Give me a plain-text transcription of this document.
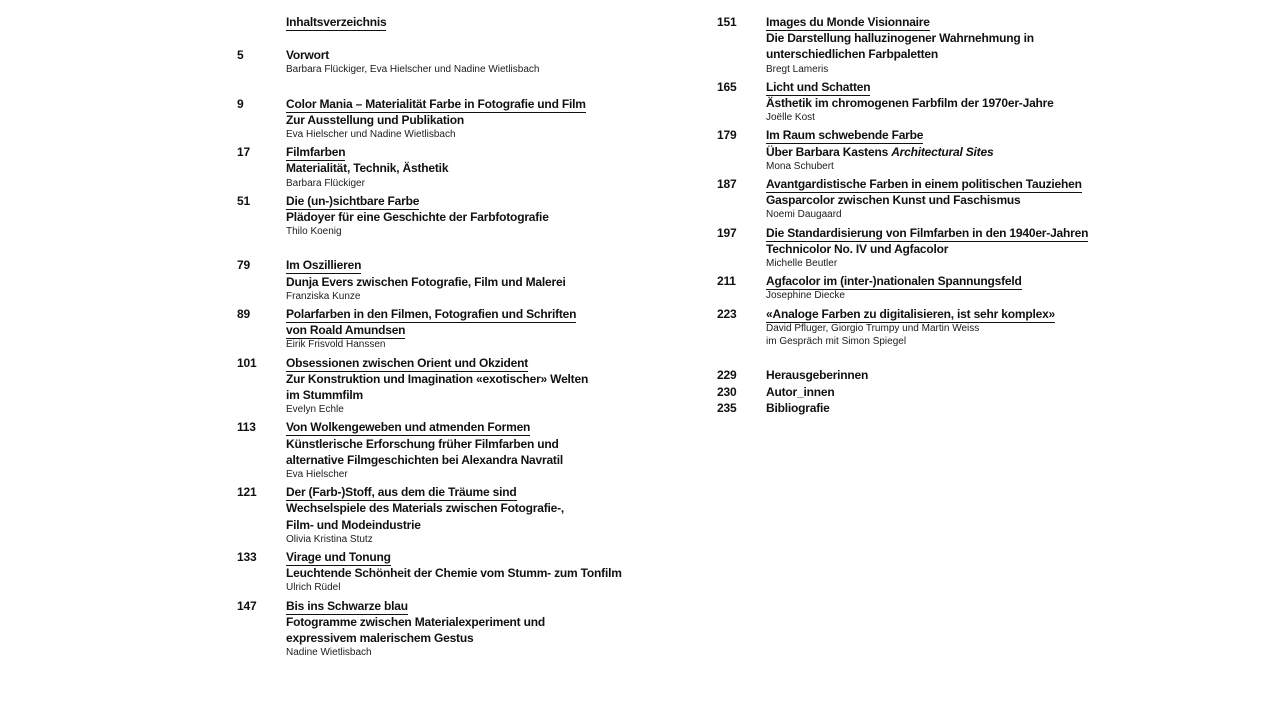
Inhaltsverzeichnis
5	Vorwort
Barbara Flückiger, Eva Hielscher und Nadine Wietlisbach
9	Color Mania – Materialität Farbe in Fotografie und Film
Zur Ausstellung und Publikation
Eva Hielscher und Nadine Wietlisbach
17	Filmfarben
Materialität, Technik, Ästhetik
Barbara Flückiger
51	Die (un-)sichtbare Farbe
Plädoyer für eine Geschichte der Farbfotografie
Thilo Koenig
79	Im Oszillieren
Dunja Evers zwischen Fotografie, Film und Malerei
Franziska Kunze
89	Polarfarben in den Filmen, Fotografien und Schriften
von Roald Amundsen
Eirik Frisvold Hanssen
101	Obsessionen zwischen Orient und Okzident
Zur Konstruktion und Imagination «exotischer» Welten
im Stummfilm
Evelyn Echle
113	Von Wolkengeweben und atmenden Formen
Künstlerische Erforschung früher Filmfarben und
alternative Filmgeschichten bei Alexandra Navratil
Eva Hielscher
121	Der (Farb-)Stoff, aus dem die Träume sind
Wechselspiele des Materials zwischen Fotografie-,
Film- und Modeindustrie
Olivia Kristina Stutz
133	Virage und Tonung
Leuchtende Schönheit der Chemie vom Stumm- zum Tonfilm
Ulrich Rüdel
147	Bis ins Schwarze blau
Fotogramme zwischen Materialexperiment und
expressivem malerischem Gestus
Nadine Wietlisbach
151	Images du Monde Visionnaire
Die Darstellung halluzinogener Wahrnehmung in
unterschiedlichen Farbpaletten
Bregt Lameris
165	Licht und Schatten
Ästhetik im chromogenen Farbfilm der 1970er-Jahre
Joëlle Kost
179	Im Raum schwebende Farbe
Über Barbara Kastens Architectural Sites
Mona Schubert
187	Avantgardistische Farben in einem politischen Tauziehen
Gasparcolor zwischen Kunst und Faschismus
Noemi Daugaard
197	Die Standardisierung von Filmfarben in den 1940er-Jahren
Technicolor No. IV und Agfacolor
Michelle Beutler
211	Agfacolor im (inter-)nationalen Spannungsfeld
Josephine Diecke
223	«Analoge Farben zu digitalisieren, ist sehr komplex»
David Pfluger, Giorgio Trumpy und Martin Weiss
im Gespräch mit Simon Spiegel
229	Herausgeberinnen
230	Autor_innen
235	Bibliografie
